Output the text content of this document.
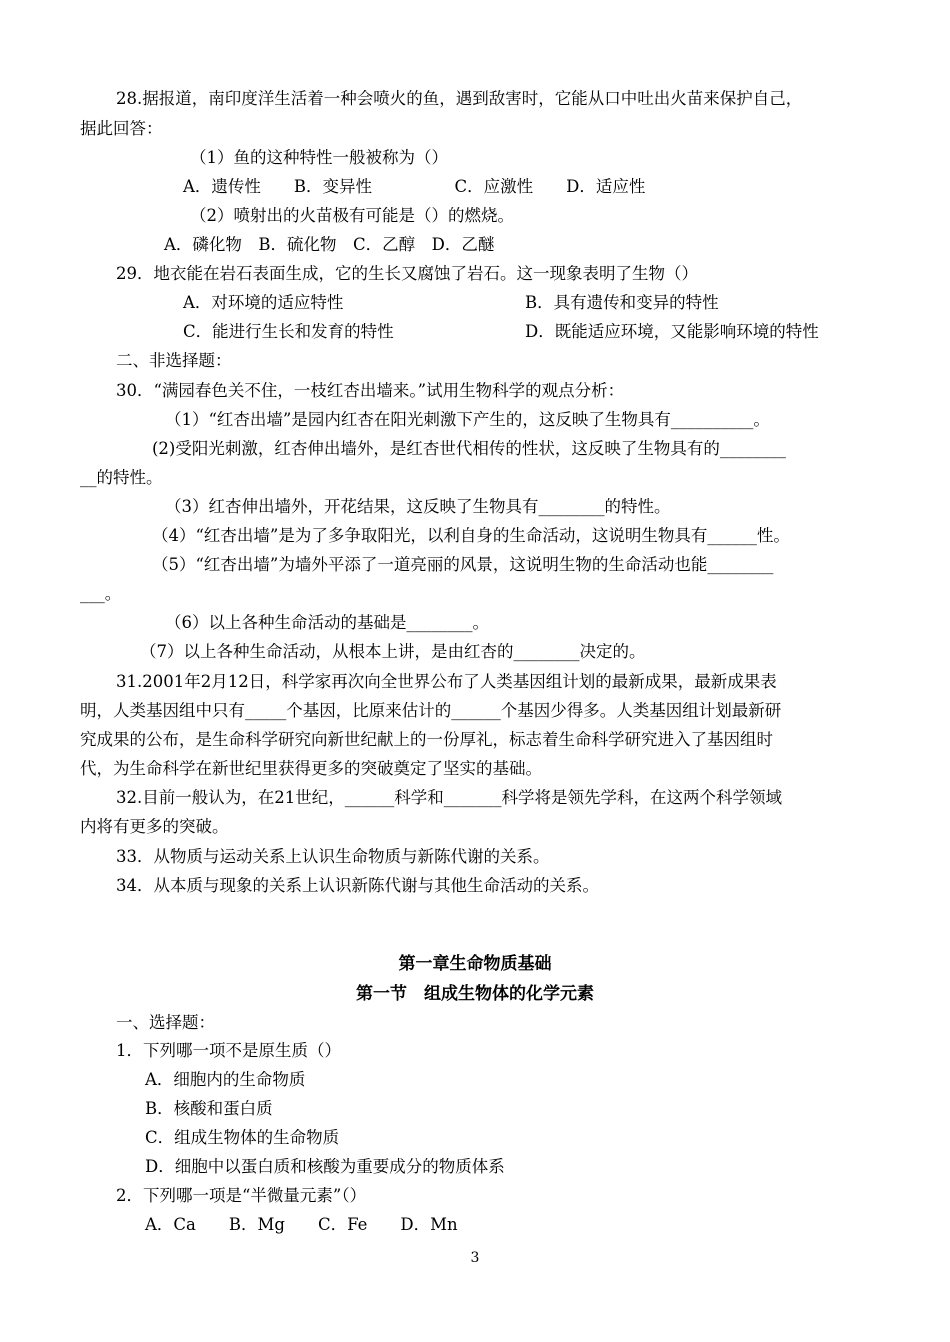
28.据报道，南印度洋生活着一种会喷火的鱼，遇到敌害时，它能从口中吐出火苗来保护自己，
据此回答：
（1）鱼的这种特性一般被称为（）
A．遗传性　　B．变异性　　　　　C．应激性　　D．适应性
（2）喷射出的火苗极有可能是（）的燃烧。
A．磷化物　B．硫化物　C．乙醇　D．乙醚
29．地衣能在岩石表面生成，它的生长又腐蚀了岩石。这一现象表明了生物（）
A．对环境的适应特性	B．具有遗传和变异的特性
C．能进行生长和发育的特性	D．既能适应环境，又能影响环境的特性
二、非选择题：
30．“满园春色关不住，一枝红杏出墙来。”试用生物科学的观点分析：
（1）“红杏出墙”是园内红杏在阳光刺激下产生的，这反映了生物具有__________。
(2)受阳光刺激，红杏伸出墙外，是红杏世代相传的性状，这反映了生物具有的________
__的特性。
（3）红杏伸出墙外，开花结果，这反映了生物具有________的特性。
（4）“红杏出墙”是为了多争取阳光，以利自身的生命活动，这说明生物具有______性。
（5）“红杏出墙”为墙外平添了一道亮丽的风景，这说明生物的生命活动也能________
___。
（6）以上各种生命活动的基础是________。
（7）以上各种生命活动，从根本上讲，是由红杏的________决定的。
31.2001年2月12日，科学家再次向全世界公布了人类基因组计划的最新成果，最新成果表
明，人类基因组中只有_____个基因，比原来估计的______个基因少得多。人类基因组计划最新研
究成果的公布，是生命科学研究向新世纪献上的一份厚礼，标志着生命科学研究进入了基因组时
代，为生命科学在新世纪里获得更多的突破奠定了坚实的基础。
32.目前一般认为，在21世纪，______科学和_______科学将是领先学科，在这两个科学领域
内将有更多的突破。
33．从物质与运动关系上认识生命物质与新陈代谢的关系。
34．从本质与现象的关系上认识新陈代谢与其他生命活动的关系。
第一章生命物质基础
第一节　组成生物体的化学元素
一、选择题：
1．下列哪一项不是原生质（）
A．细胞内的生命物质
B．核酸和蛋白质
C．组成生物体的生命物质
D．细胞中以蛋白质和核酸为重要成分的物质体系
2．下列哪一项是“半微量元素”（）
A．Ca　　B．Mg　　C．Fe　　D．Mn
3
